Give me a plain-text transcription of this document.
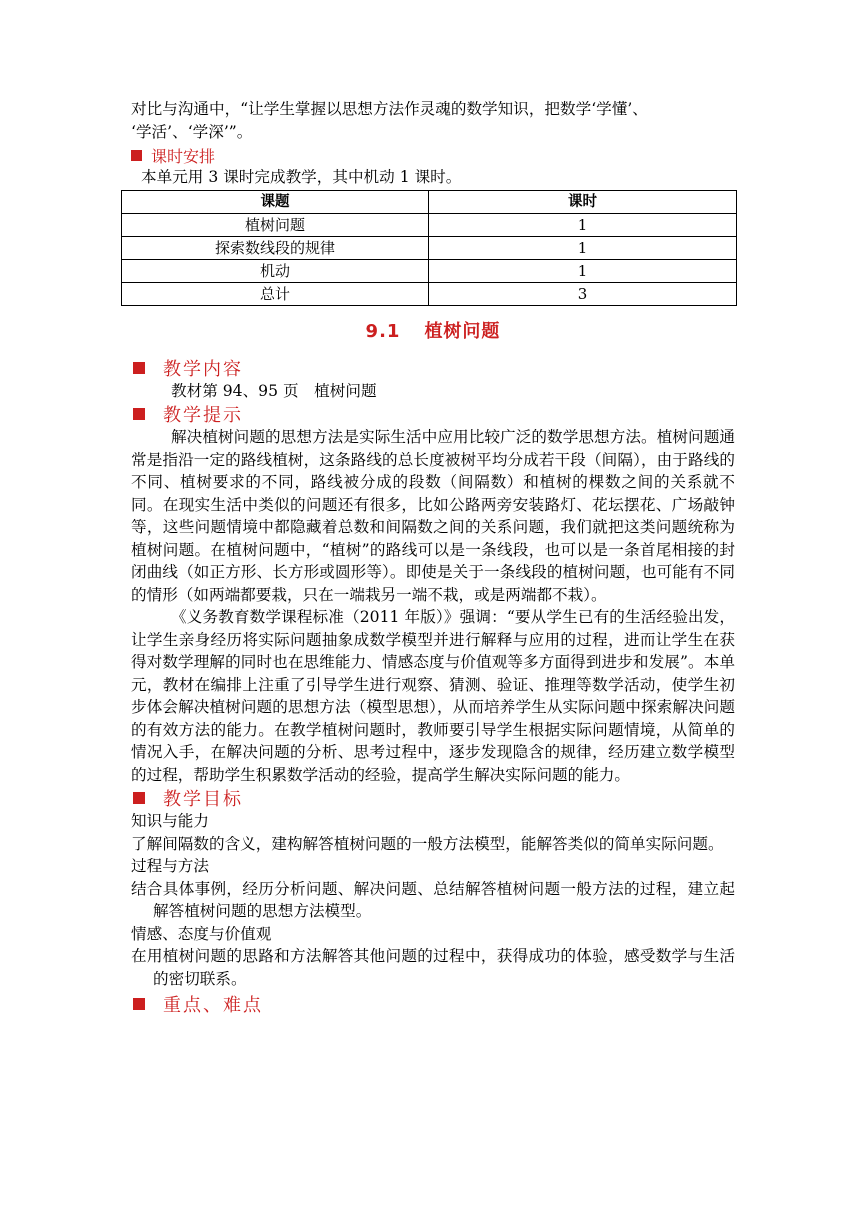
对比与沟通中，“让学生掌握以思想方法作灵魂的数学知识，把数学‘学懂’、

‘学活’、‘学深’”。

课时安排

本单元用 3 课时完成教学，其中机动 1 课时。

课题	课时
植树问题	1
探索数线段的规律	1
机动	1
总计	3
9.1 植树问题
教学内容

教材第 94、95 页　植树问题

教学提示

解决植树问题的思想方法是实际生活中应用比较广泛的数学思想方法。植树问题通常是指沿一定的路线植树，这条路线的总长度被树平均分成若干段（间隔），由于路线的不同、植树要求的不同，路线被分成的段数（间隔数）和植树的棵数之间的关系就不同。在现实生活中类似的问题还有很多，比如公路两旁安装路灯、花坛摆花、广场敲钟等，这些问题情境中都隐藏着总数和间隔数之间的关系问题，我们就把这类问题统称为植树问题。在植树问题中，“植树”的路线可以是一条线段，也可以是一条首尾相接的封闭曲线（如正方形、长方形或圆形等）。即使是关于一条线段的植树问题，也可能有不同的情形（如两端都要栽，只在一端栽另一端不栽，或是两端都不栽）。

《义务教育数学课程标准（2011 年版）》强调：“要从学生已有的生活经验出发，让学生亲身经历将实际问题抽象成数学模型并进行解释与应用的过程，进而让学生在获得对数学理解的同时也在思维能力、情感态度与价值观等多方面得到进步和发展”。本单元，教材在编排上注重了引导学生进行观察、猜测、验证、推理等数学活动，使学生初步体会解决植树问题的思想方法（模型思想），从而培养学生从实际问题中探索解决问题的有效方法的能力。在教学植树问题时，教师要引导学生根据实际问题情境，从简单的情况入手，在解决问题的分析、思考过程中，逐步发现隐含的规律，经历建立数学模型的过程，帮助学生积累数学活动的经验，提高学生解决实际问题的能力。

教学目标

知识与能力

了解间隔数的含义，建构解答植树问题的一般方法模型，能解答类似的简单实际问题。

过程与方法

结合具体事例，经历分析问题、解决问题、总结解答植树问题一般方法的过程，建立起解答植树问题的思想方法模型。

情感、态度与价值观

在用植树问题的思路和方法解答其他问题的过程中，获得成功的体验，感受数学与生活的密切联系。

重点、难点
